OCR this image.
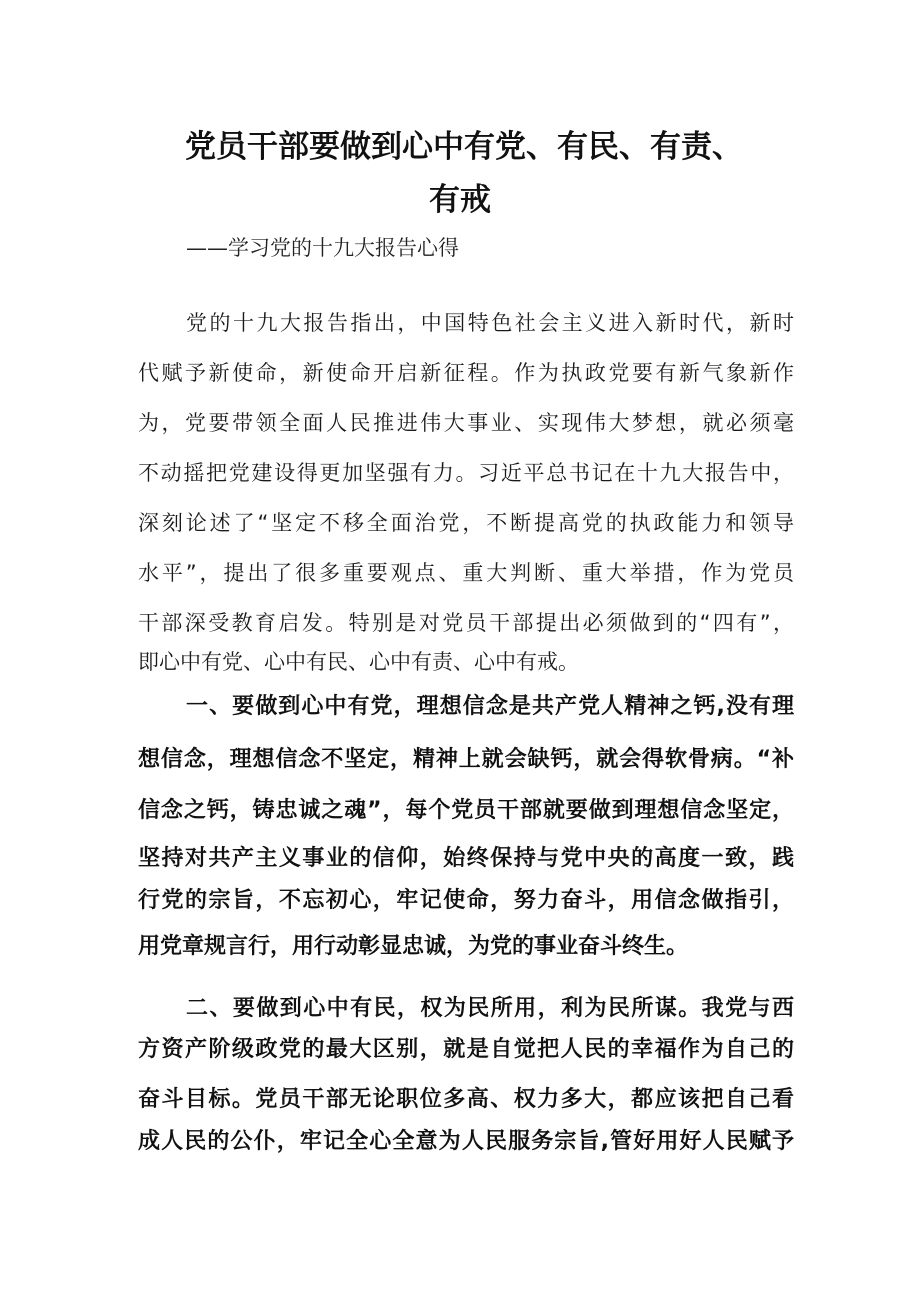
党员干部要做到心中有党、有民、有责、
有戒
——学习党的十九大报告心得
党的十九大报告指出，中国特色社会主义进入新时代，新时
代赋予新使命，新使命开启新征程。作为执政党要有新气象新作
为，党要带领全面人民推进伟大事业、实现伟大梦想，就必须毫
不动摇把党建设得更加坚强有力。习近平总书记在十九大报告中，
深刻论述了“坚定不移全面治党，不断提高党的执政能力和领导
水平”，提出了很多重要观点、重大判断、重大举措，作为党员
干部深受教育启发。特别是对党员干部提出必须做到的“四有”，
即心中有党、心中有民、心中有责、心中有戒。
一、要做到心中有党，理想信念是共产党人精神之钙,没有理
想信念，理想信念不坚定，精神上就会缺钙，就会得软骨病。“补
信念之钙，铸忠诚之魂”，每个党员干部就要做到理想信念坚定，
坚持对共产主义事业的信仰，始终保持与党中央的高度一致，践
行党的宗旨，不忘初心，牢记使命，努力奋斗，用信念做指引，
用党章规言行，用行动彰显忠诚，为党的事业奋斗终生。
二、要做到心中有民，权为民所用，利为民所谋。我党与西
方资产阶级政党的最大区别，就是自觉把人民的幸福作为自己的
奋斗目标。党员干部无论职位多高、权力多大，都应该把自己看
成人民的公仆，牢记全心全意为人民服务宗旨,管好用好人民赋予
